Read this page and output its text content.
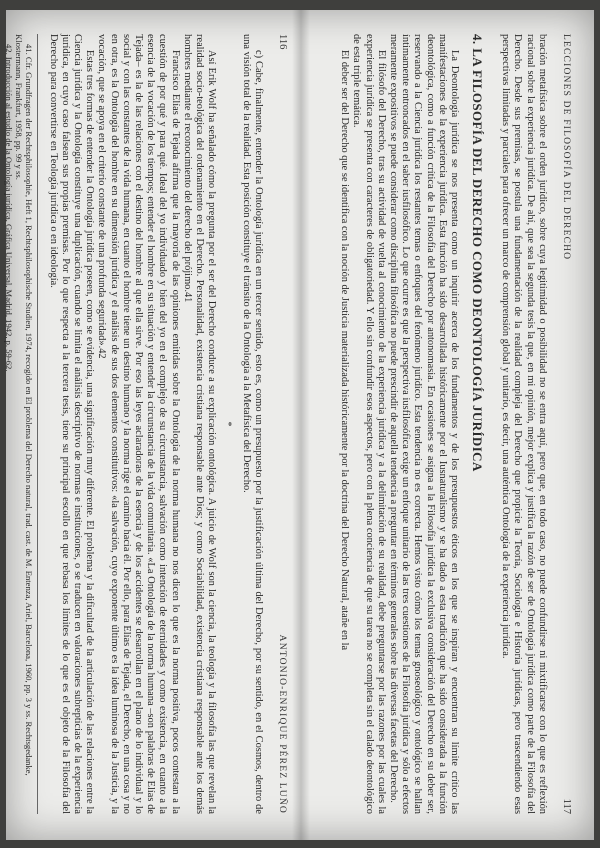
116
ANTONIO-ENRIQUE PÉREZ LUÑO

c) Cabe, finalmente, entender la Ontología jurídica en un tercer sentido, esto es, como un presupuesto por la justificación última del Derecho, por su sentido, en el Cosmos, dentro de una visión total de la realidad. Esta posición constituye el tránsito de la Ontología a la Metafísica del Derecho.

*

Así Erik Wolf ha señalado cómo la pregunta por el ser del Derecho conduce a su explicación ontológica. A juicio de Wolf son la ciencia, la teología y la filosofía las que revelan la realidad socio-teológica del ordenamiento en el Derecho. Personalidad, existencia cristiana responsable ante Dios; y como Sociabilidad, existencia cristiana responsable ante los demás hombres mediante el reconocimiento del derecho del prójimo.41

Francisco Elías de Tejada afirma que la mayoría de las opiniones emitidas sobre la Ontología de la norma humana no nos dicen lo que es la norma positiva, pocos contestan a la cuestión de por qué y para qué. Ideal del yo individuado y bien del yo en el complejo de su circunstancia, salvación como intención de eternidades y como existencia, en cuanto a la esencia de la vocación de los tiempos; entender el hombre en su situación y entender la circunstancia de la vida comunitaria. «La Ontología de la norma humana –son palabras de Elías de Tejada– es la de las relaciones con el destino del hombre al que ella sirve. Por eso las leyes aclaradoras de la esencia y de los accidentes se desarrollan en el plano de lo individual y lo social y con las constantes de la vida humana, en cuanto el hombre tiene un destino humano y la norma rige el camino hacia él. Por ello, para Elías de Tejada, el Derecho, en una cosa y no en otra, es la Ontología del hombre en su dimensión jurídica y el análisis de sus dos elementos constitutivos: «la salvación, cuyo exponente último es la idea luminosa de la Justicia, y la vocación, que se apoya en el criterio constante de una profunda seguridad».42

Estas tres formas de entender la Ontología jurídica poseen, como se evidencia, una significación muy diferente. El problema y la dificultad de la articulación de las relaciones entre la Ciencia jurídica y la Ontología constituye una duplicación, cuando se limita el análisis descriptivo de normas e instituciones, o se traducen en valoraciones subrepticias de la experiencia jurídica, en cuyo caso falsean sus propias premisas. Por lo que respecta a la tercera tesis, tiene su principal escollo en que rebasa los límites de lo que es el objeto de la Filosofía del Derecho para convertirse en Teología jurídica o en ideología.

41. Cfr. Grundfragen der Rechtsphilosophie, Heft 1, Rechtsphilosophische Studien, 1974, recogido en El problema del Derecho natural, trad. cast. de M. Entenza, Ariel, Barcelona, 1960, pp. 3 y ss. Rechtsgedanke, Klostermann, Frankfurt, 1958, pp. 99 y ss.

42. Introducción al estudio de la Ontología jurídica, Gráfica Universal, Madrid, 1942, p. 59-62.	LECCIONES DE FILOSOFÍA DEL DERECHO
117

bración metafísica sobre el orden jurídico, sobre cuya legitimidad o posibilidad no se entra aquí, pero que, en todo caso, no puede confundirse ni mixtificarse con lo que es reflexión racional sobre la experiencia jurídica. De ahí, que sea la segunda tesis la que, en mi opinión, mejor explica y justifica la razón de ser de Ontología jurídica como parte de la Filosofía del Derecho. Desde sus premisas, se postula una fundamentación de la realidad compleja del Derecho que propicie la Teoría, Sociología e Historia jurídicas, pero trascendiendo esas perspectivas limitadas y parciales para ofrecer un marco de comprensión global y unitario, es decir, una auténtica Ontología de la experiencia jurídica.

4. LA FILOSOFÍA DEL DERECHO COMO DEONTOLOGÍA JURÍDICA

La Deontología jurídica se nos presenta como un inquirir acerca de los fundamentos y de los presupuestos éticos en los que se inspiran y encuentran su límite crítico las manifestaciones de la experiencia jurídica. Esta función ha sido desarrollada históricamente por el Iusnaturalismo y se ha dado a esta tradición que ha sido considerada a la función deontológica, como a función crítica de la Filosofía del Derecho por antonomasia. En ocasiones se asigna a la Filosofía jurídica la exclusiva consideración del Derecho en su deber ser, reservando a la Ciencia jurídica los restantes temas o enfoques del fenómeno jurídico. Esta tendencia no es correcta. Hemos visto cómo los temas gnoseológico y ontológico se hallan íntimamente entroncados en el saber iusfilosófico. Lo que ocurre es que la perspectiva iusfilosófica exige un enfoque unitario de las tres cuestiones de la Filosofía jurídica y sólo a efectos meramente expositivos se puede considerar como disciplina filosófica no puede prescindir de aquella tendencia a preguntar en términos generales sobre las diversas facetas del Derecho.

El filósofo del Derecho, tras su actividad de vuelta al conocimiento de la experiencia jurídica y a la delimitación de su realidad, debe preguntarse por las razones por las cuales la experiencia jurídica se presenta con caracteres de obligatoriedad. Y ello sin confundir esos aspectos, pero con la plena conciencia de que su tarea no se completa sin el calado deontológico de esta triple temática.

El deber ser del Derecho que se identifica con la noción de Justicia materializada históricamente por la doctrina del Derecho Natural, atañe en la
